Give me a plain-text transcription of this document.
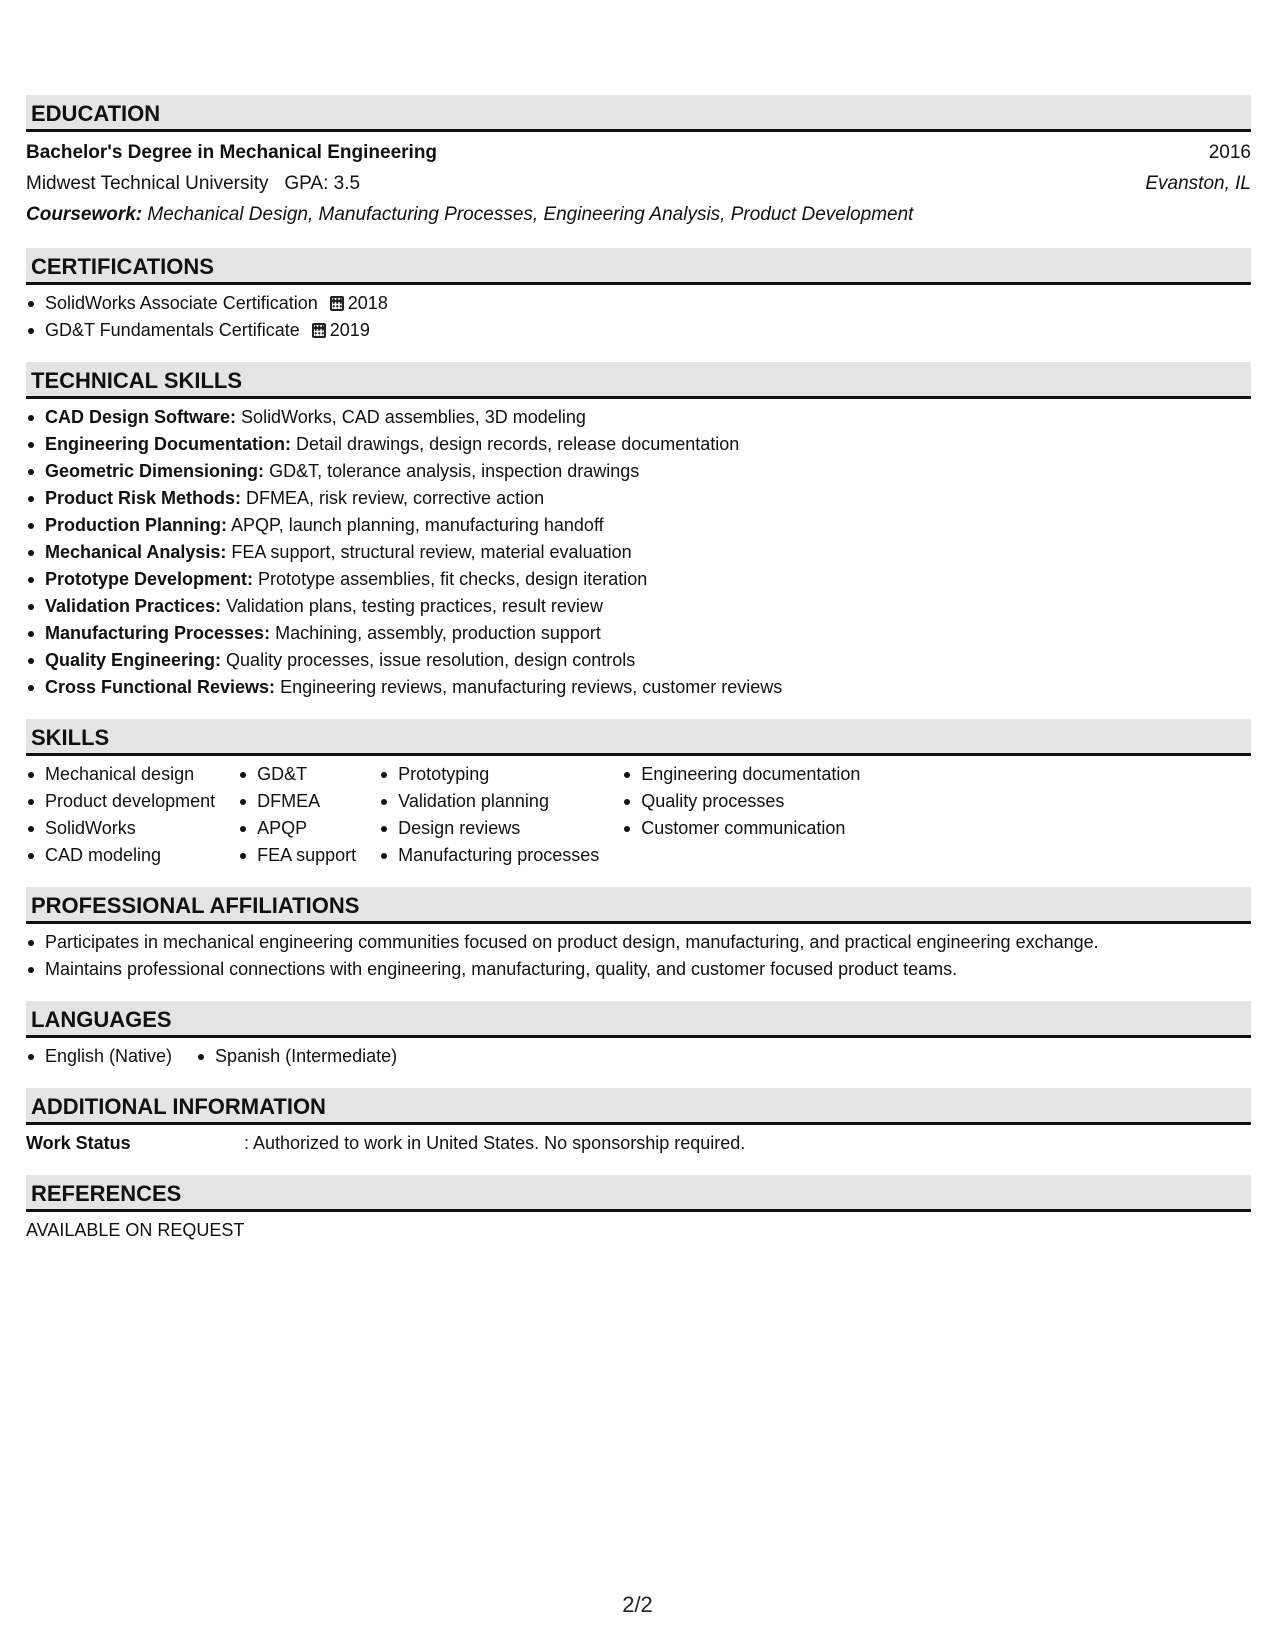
EDUCATION
Bachelor's Degree in Mechanical Engineering	2016
Midwest Technical University GPA: 3.5	Evanston, IL
Coursework: Mechanical Design, Manufacturing Processes, Engineering Analysis, Product Development
CERTIFICATIONS
SolidWorks Associate Certification 2018
GD&T Fundamentals Certificate 2019
TECHNICAL SKILLS
CAD Design Software: SolidWorks, CAD assemblies, 3D modeling
Engineering Documentation: Detail drawings, design records, release documentation
Geometric Dimensioning: GD&T, tolerance analysis, inspection drawings
Product Risk Methods: DFMEA, risk review, corrective action
Production Planning: APQP, launch planning, manufacturing handoff
Mechanical Analysis: FEA support, structural review, material evaluation
Prototype Development: Prototype assemblies, fit checks, design iteration
Validation Practices: Validation plans, testing practices, result review
Manufacturing Processes: Machining, assembly, production support
Quality Engineering: Quality processes, issue resolution, design controls
Cross Functional Reviews: Engineering reviews, manufacturing reviews, customer reviews
SKILLS
Mechanical design
Product development
SolidWorks
CAD modeling
GD&T
DFMEA
APQP
FEA support
Prototyping
Validation planning
Design reviews
Manufacturing processes
Engineering documentation
Quality processes
Customer communication
PROFESSIONAL AFFILIATIONS
Participates in mechanical engineering communities focused on product design, manufacturing, and practical engineering exchange.
Maintains professional connections with engineering, manufacturing, quality, and customer focused product teams.
LANGUAGES
English (Native)	Spanish (Intermediate)
ADDITIONAL INFORMATION
Work Status	: Authorized to work in United States. No sponsorship required.
REFERENCES
AVAILABLE ON REQUEST
2/2
